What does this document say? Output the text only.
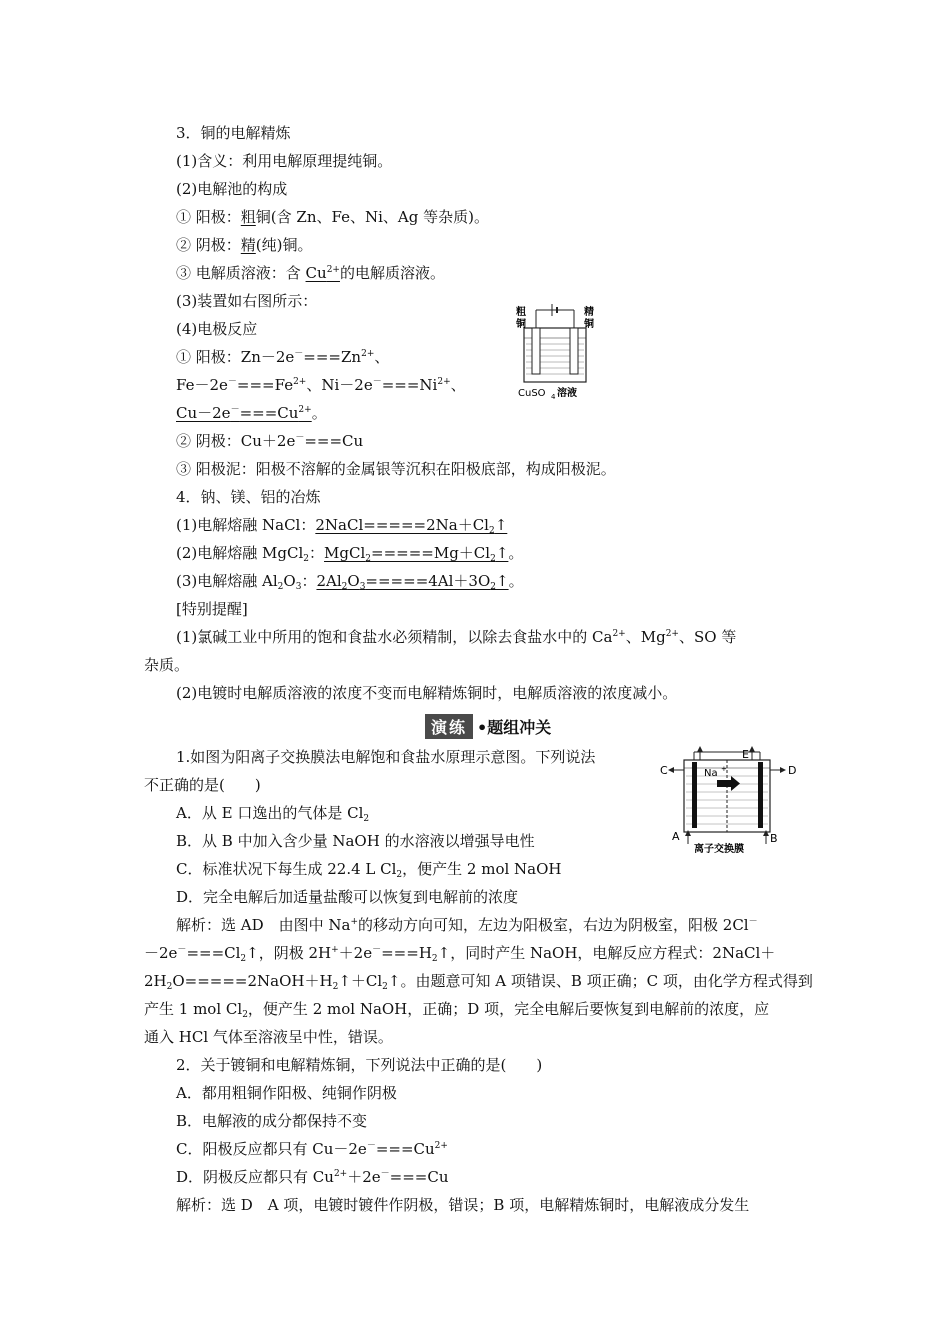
3．铜的电解精炼
(1)含义：利用电解原理提纯铜。
(2)电解池的构成
① 阳极：粗铜(含 Zn、Fe、Ni、Ag 等杂质)。
② 阴极：精(纯)铜。
③ 电解质溶液：含 $Cu^{2+}$的电解质溶液。
(3)装置如右图所示：
(4)电极反应
① 阳极：$Zn-2e^-===Zn^{2+}$、
$Fe-2e^-===Fe^{2+}$、$Ni-2e^-===Ni^{2+}$、
$Cu-2e^-===Cu^{2+}$。
② 阴极：Cu＋2e－===Cu
③ 阳极泥：阳极不溶解的金属银等沉积在阳极底部，构成阳极泥。
粗
铜
精
铜
CuSO 4 溶液
4．钠、镁、铝的冶炼
(1)电解熔融 NaCl：$2NaCl=====2Na+Cl_2↑$
(2)电解熔融 MgCl$_2$：$MgCl_2=====Mg+Cl_2↑$。
(3)电解熔融 $Al_2O_3$：$2Al_2O_3=====4Al+3O_2↑$。
[特别提醒]
(1)氯碱工业中所用的饱和食盐水必须精制，以除去食盐水中的 $Ca^{2+}$、$Mg^{2+}$、SO 等
杂质。
(2)电镀时电解质溶液的浓度不变而电解精炼铜时，电解质溶液的浓度减小。
演练 •题组冲关
1.如图为阳离子交换膜法电解饱和食盐水原理示意图。下列说法
不正确的是(　　)
A．从 E 口逸出的气体是 $Cl_2$
B．从 B 中加入含少量 NaOH 的水溶液以增强导电性
C．标准状况下每生成 22.4 L $Cl_2$，便产生 2 mol NaOH
D．完全电解后加适量盐酸可以恢复到电解前的浓度
C	D
E
A	B
Na +
离子交换膜
解析：选 AD　由图中 Na+的移动方向可知，左边为阳极室，右边为阴极室，阳极 2Cl－
$-2e^-===Cl_2↑$，阴极 $2H^++2e^-===H_2↑$，同时产生 NaOH，电解反应方程式：2NaCl＋
$2H_2O=====2NaOH+H_2↑+Cl_2↑$。由题意可知 A 项错误、B 项正确；C 项，由化学方程式得到
产生 1 mol $Cl_2$，便产生 2 mol NaOH，正确；D 项，完全电解后要恢复到电解前的浓度，应
通入 HCl 气体至溶液呈中性，错误。
2．关于镀铜和电解精炼铜，下列说法中正确的是(　　)
A．都用粗铜作阳极、纯铜作阴极
B．电解液的成分都保持不变
C．阳极反应都只有 $Cu-2e^-===Cu^{2+}$
D．阴极反应都只有 $Cu^{2+}+2e^-===Cu$
解析：选 D　A 项，电镀时镀件作阴极，错误；B 项，电解精炼铜时，电解液成分发生
